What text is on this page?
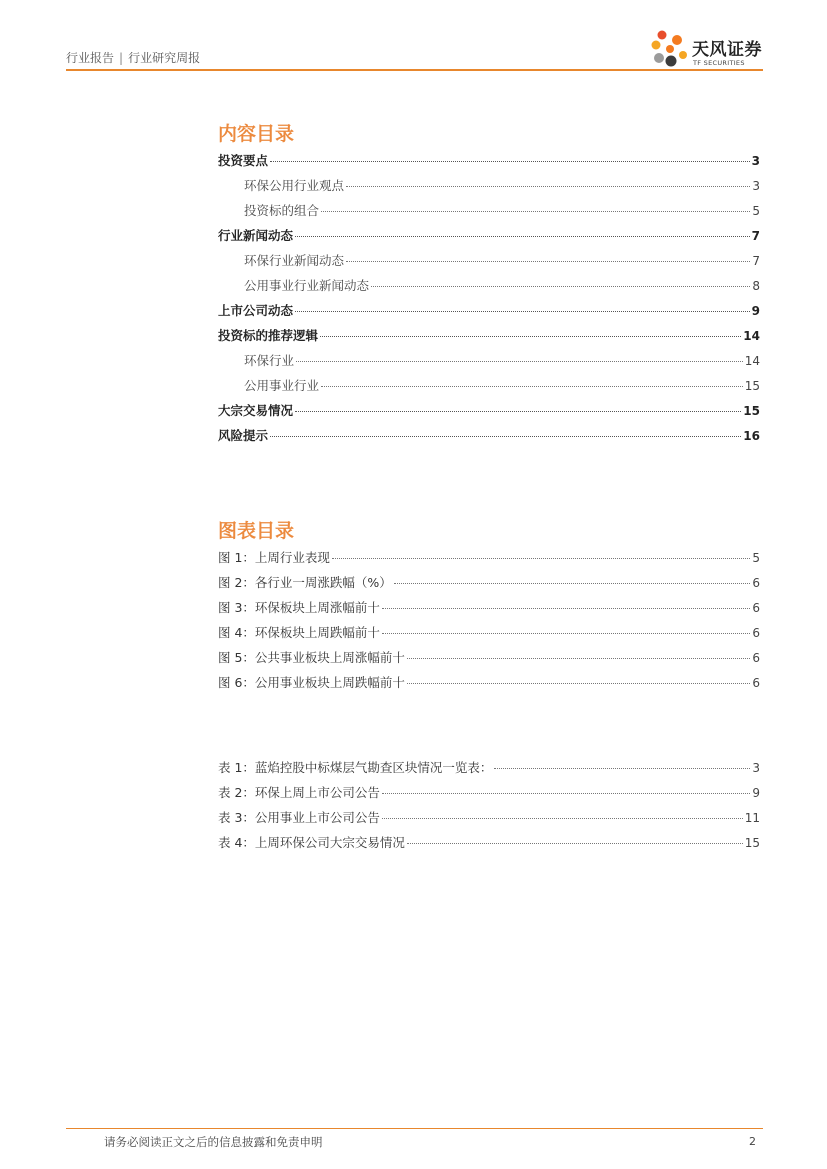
行业报告 | 行业研究周报	天风证券
TF SECURITIES
内容目录
投资要点	3
环保公用行业观点	3
投资标的组合	5
行业新闻动态	7
环保行业新闻动态	7
公用事业行业新闻动态	8
上市公司动态	9
投资标的推荐逻辑	14
环保行业	14
公用事业行业	15
大宗交易情况	15
风险提示	16
图表目录
图 1：上周行业表现	5
图 2：各行业一周涨跌幅（%）	6
图 3：环保板块上周涨幅前十	6
图 4：环保板块上周跌幅前十	6
图 5：公共事业板块上周涨幅前十	6
图 6：公用事业板块上周跌幅前十	6
表 1：蓝焰控股中标煤层气勘查区块情况一览表：	3
表 2：环保上周上市公司公告	9
表 3：公用事业上市公司公告	11
表 4：上周环保公司大宗交易情况	15
请务必阅读正文之后的信息披露和免责申明	2
